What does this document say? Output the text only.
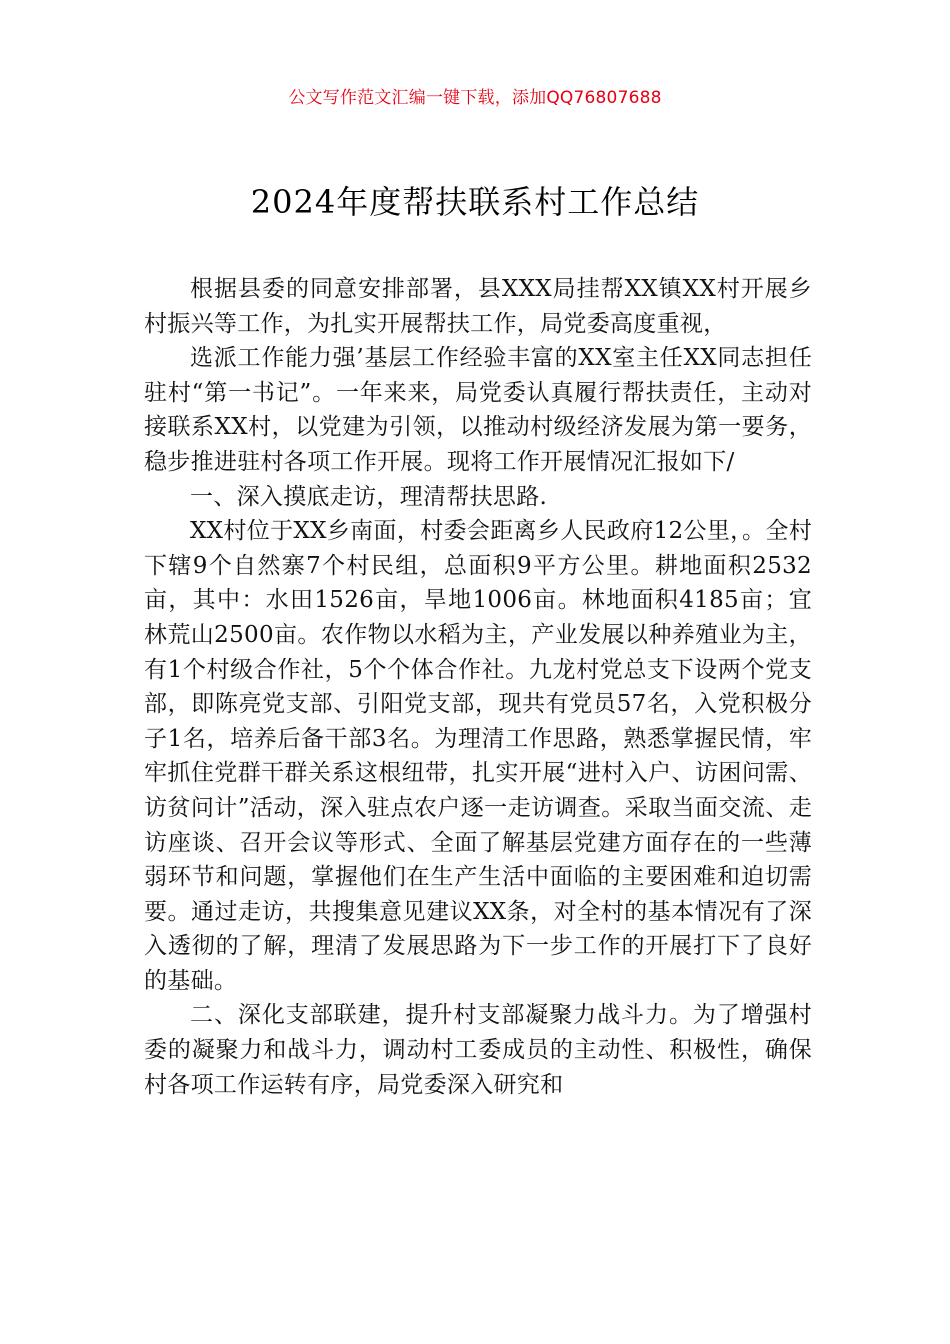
公文写作范文汇编一键下载，添加QQ76807688
2024年度帮扶联系村工作总结

根据县委的同意安排部署，县XXX局挂帮XX镇XX村开展乡村振兴等工作，为扎实开展帮扶工作，局党委高度重视，

选派工作能力强’基层工作经验丰富的XX室主任XX同志担任驻村“第一书记”。一年来来，局党委认真履行帮扶责任，主动对接联系XX村，以党建为引领，以推动村级经济发展为第一要务，稳步推进驻村各项工作开展。现将工作开展情况汇报如下/

一、深入摸底走访，理清帮扶思路.

XX村位于XX乡南面，村委会距离乡人民政府12公里，。全村下辖9个自然寨7个村民组，总面积9平方公里。耕地面积2532亩，其中：水田1526亩，旱地1006亩。林地面积4185亩；宜林荒山2500亩。农作物以水稻为主，产业发展以种养殖业为主，有1个村级合作社，5个个体合作社。九龙村党总支下设两个党支部，即陈亮党支部、引阳党支部，现共有党员57名，入党积极分子1名，培养后备干部3名。为理清工作思路，熟悉掌握民情，牢牢抓住党群干群关系这根纽带，扎实开展“进村入户、访困问需、访贫问计”活动，深入驻点农户逐一走访调查。采取当面交流、走访座谈、召开会议等形式、全面了解基层党建方面存在的一些薄弱环节和问题，掌握他们在生产生活中面临的主要困难和迫切需要。通过走访，共搜集意见建议XX条，对全村的基本情况有了深入透彻的了解，理清了发展思路为下一步工作的开展打下了良好的基础。

二、深化支部联建，提升村支部凝聚力战斗力。为了增强村委的凝聚力和战斗力，调动村工委成员的主动性、积极性，确保村各项工作运转有序，局党委深入研究和
